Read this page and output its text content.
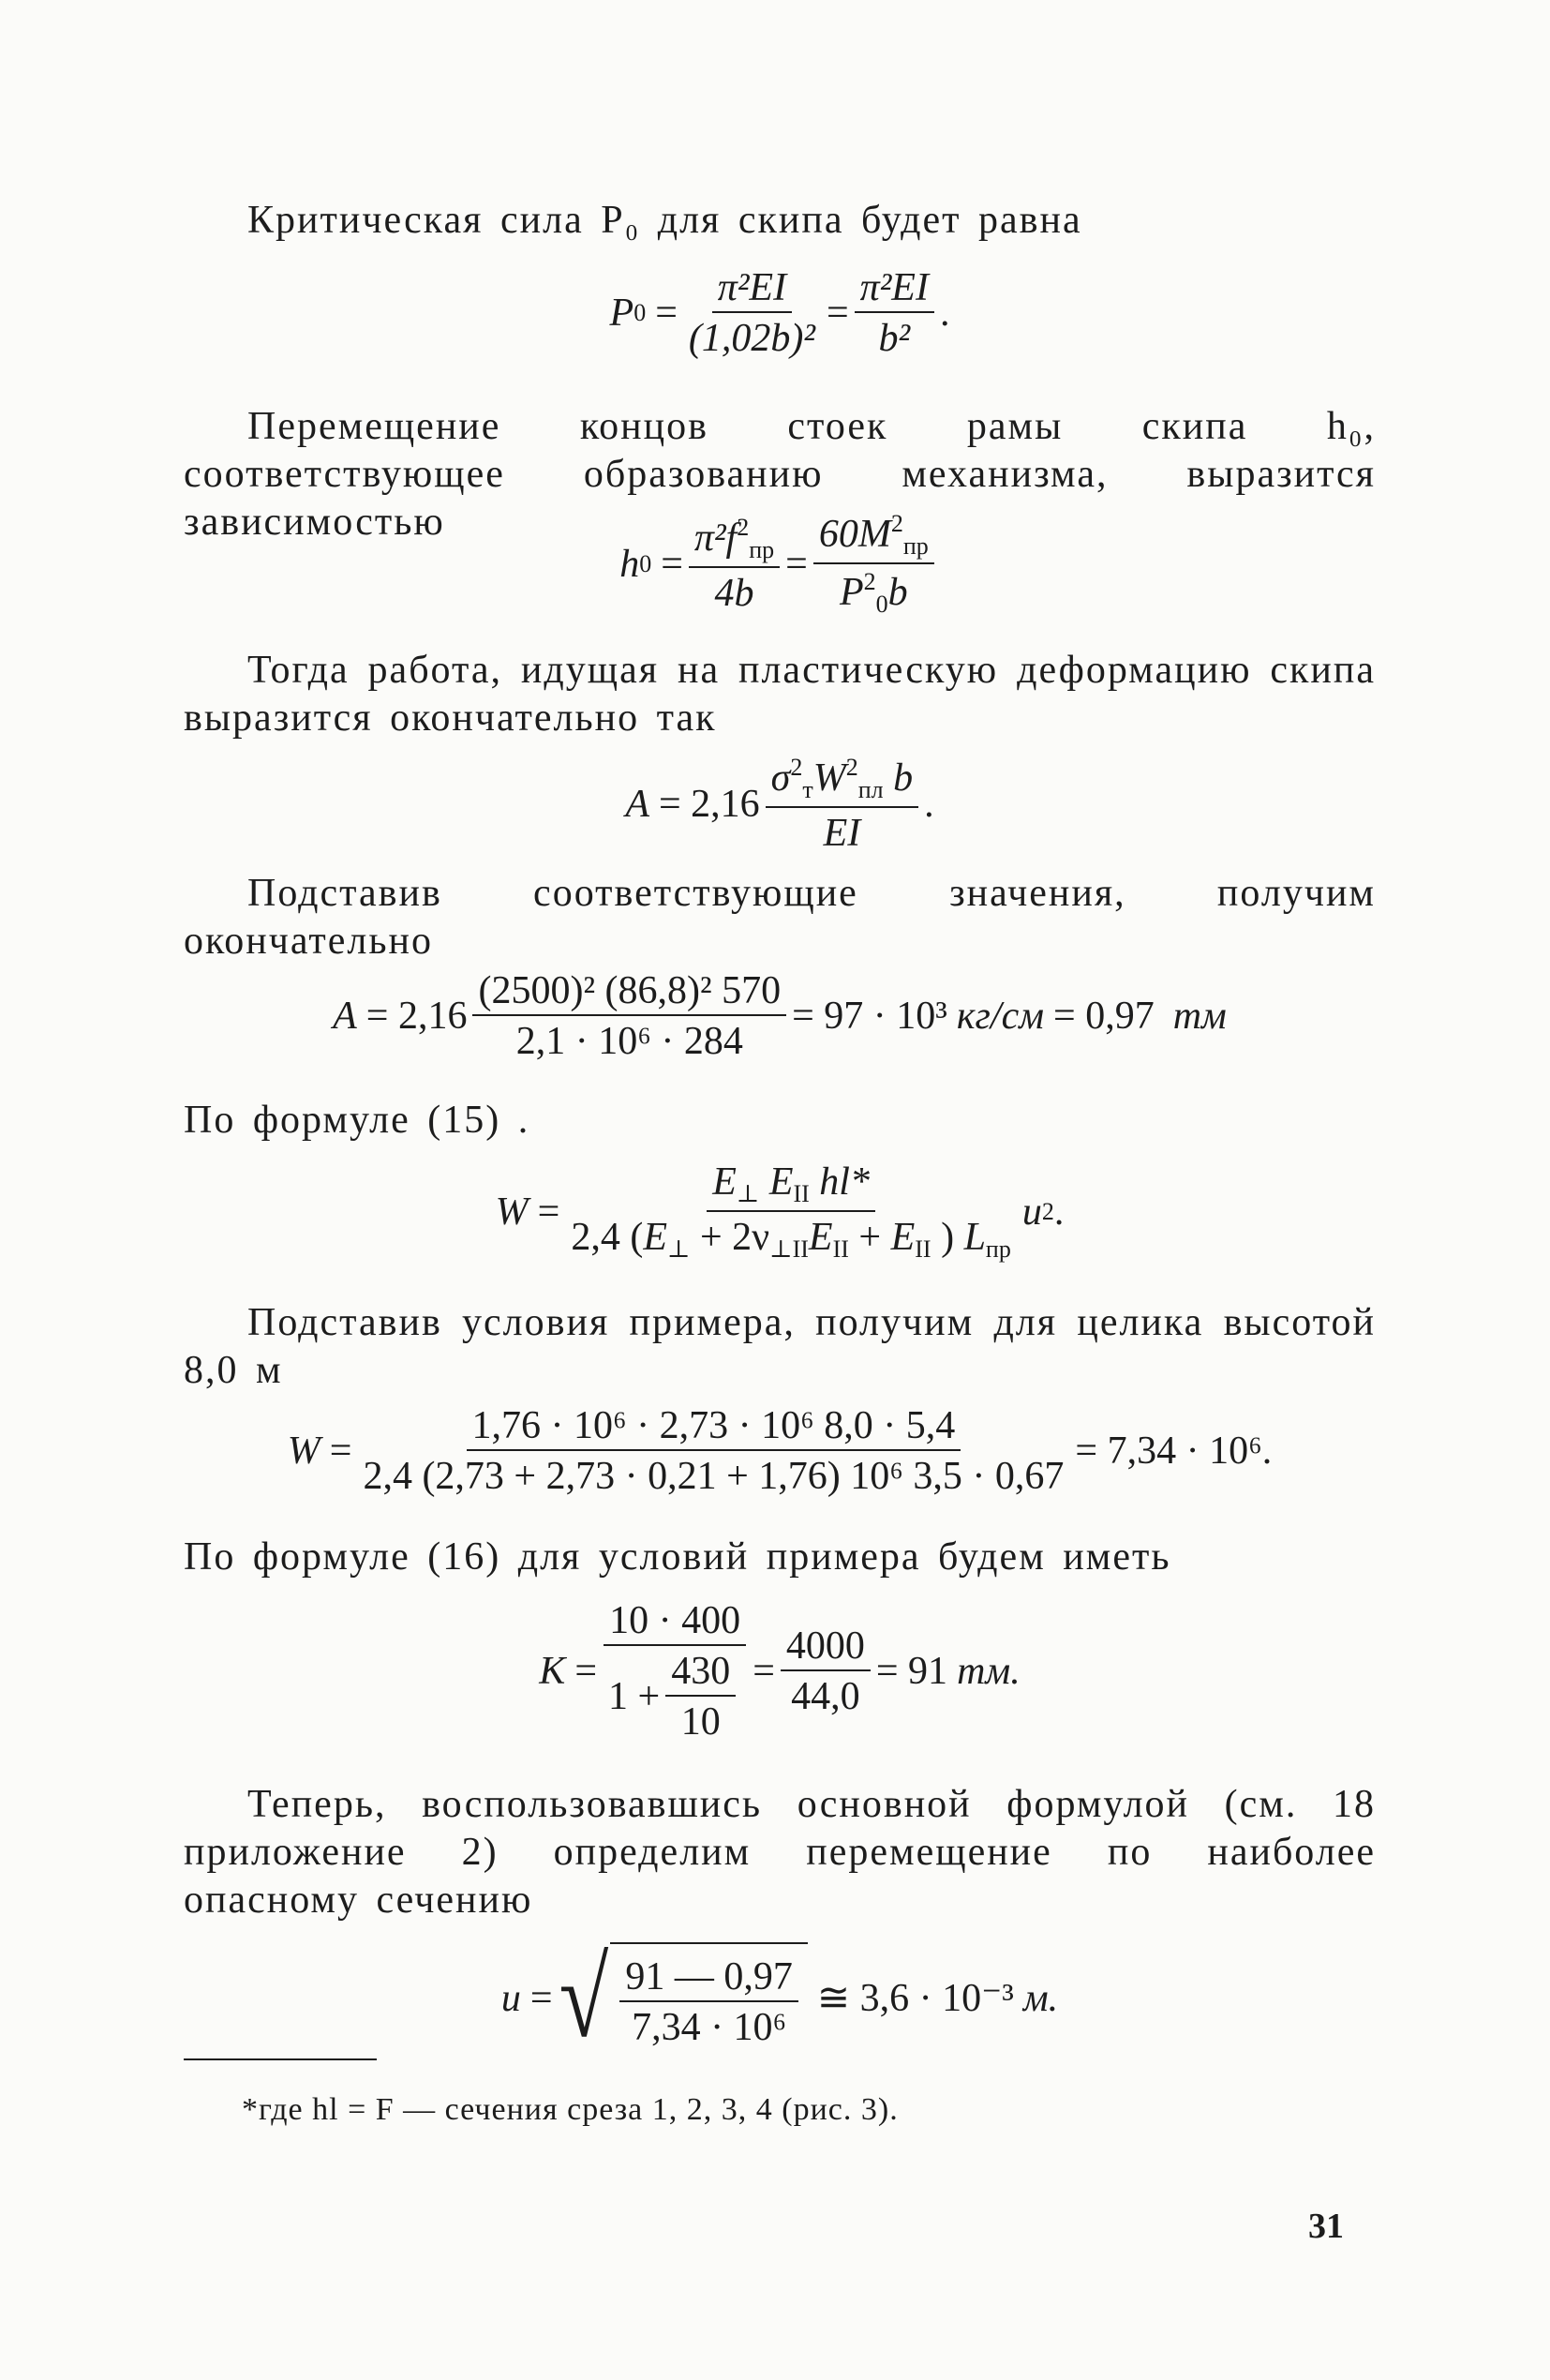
Критическая сила P₀ для скипа будет равна

P $0 = \frac{\text{π²EI}}{\text{(1,02b)²}} = \frac{\text{π²EI}}{\text{b²}}$ .

Перемещение концов стоек рамы скипа h₀, соответствующее образованию механизма, выразится зависимостью

h $0 = \frac{\pi^2f^2_{пр}}{4b} = \frac{60M^2_{пр}}{P^2_0b}$

Тогда работа, идущая на пластическую деформацию скипа выразится окончательно так

$A = 2,16 \frac{\sigma^2_тW^2_{пл} b}{EI}$ .

Подставив соответствующие значения, получим окончательно

$A = 2,16 \frac{\text{(2500)² (86,8)² 570}}{\text{2,1 · 10⁶ · 284}} = 97 \cdot 10^3$ кг/см = 0,97 тм

По формуле (15) .

$W = \frac{E_\perp E_{II} hl*}{2,4 (E_\perp + 2\nu_{\perp II}E_{II} + E_{II} ) L_{пр}}$ u 2 .

Подставив условия примера, получим для целика высотой 8,0 м

$W = \frac{\text{1,76 · 10⁶ · 2,73 · 10⁶ 8,0 · 5,4}}{\text{2,4 (2,73 + 2,73 · 0,21 + 1,76) 10⁶ 3,5 · 0,67}} = 7,34 \cdot 10^6$.

По формуле (16) для условий примера будем иметь

$K = \frac{10 \cdot 400}{1 + \frac{430}{10}} = \frac{4000}{44,0} = 91$ тм.

Теперь, воспользовавшись основной формулой (см. 18 приложение 2) определим перемещение по наиболее опасному сечению

u = √ $\frac{91 — 0,97}{\text{7,34 · 10⁶}}$ ≅ 3,6 · 10⁻³ м.
*где hl = F — сечения среза 1, 2, 3, 4 (рис. 3).
31
